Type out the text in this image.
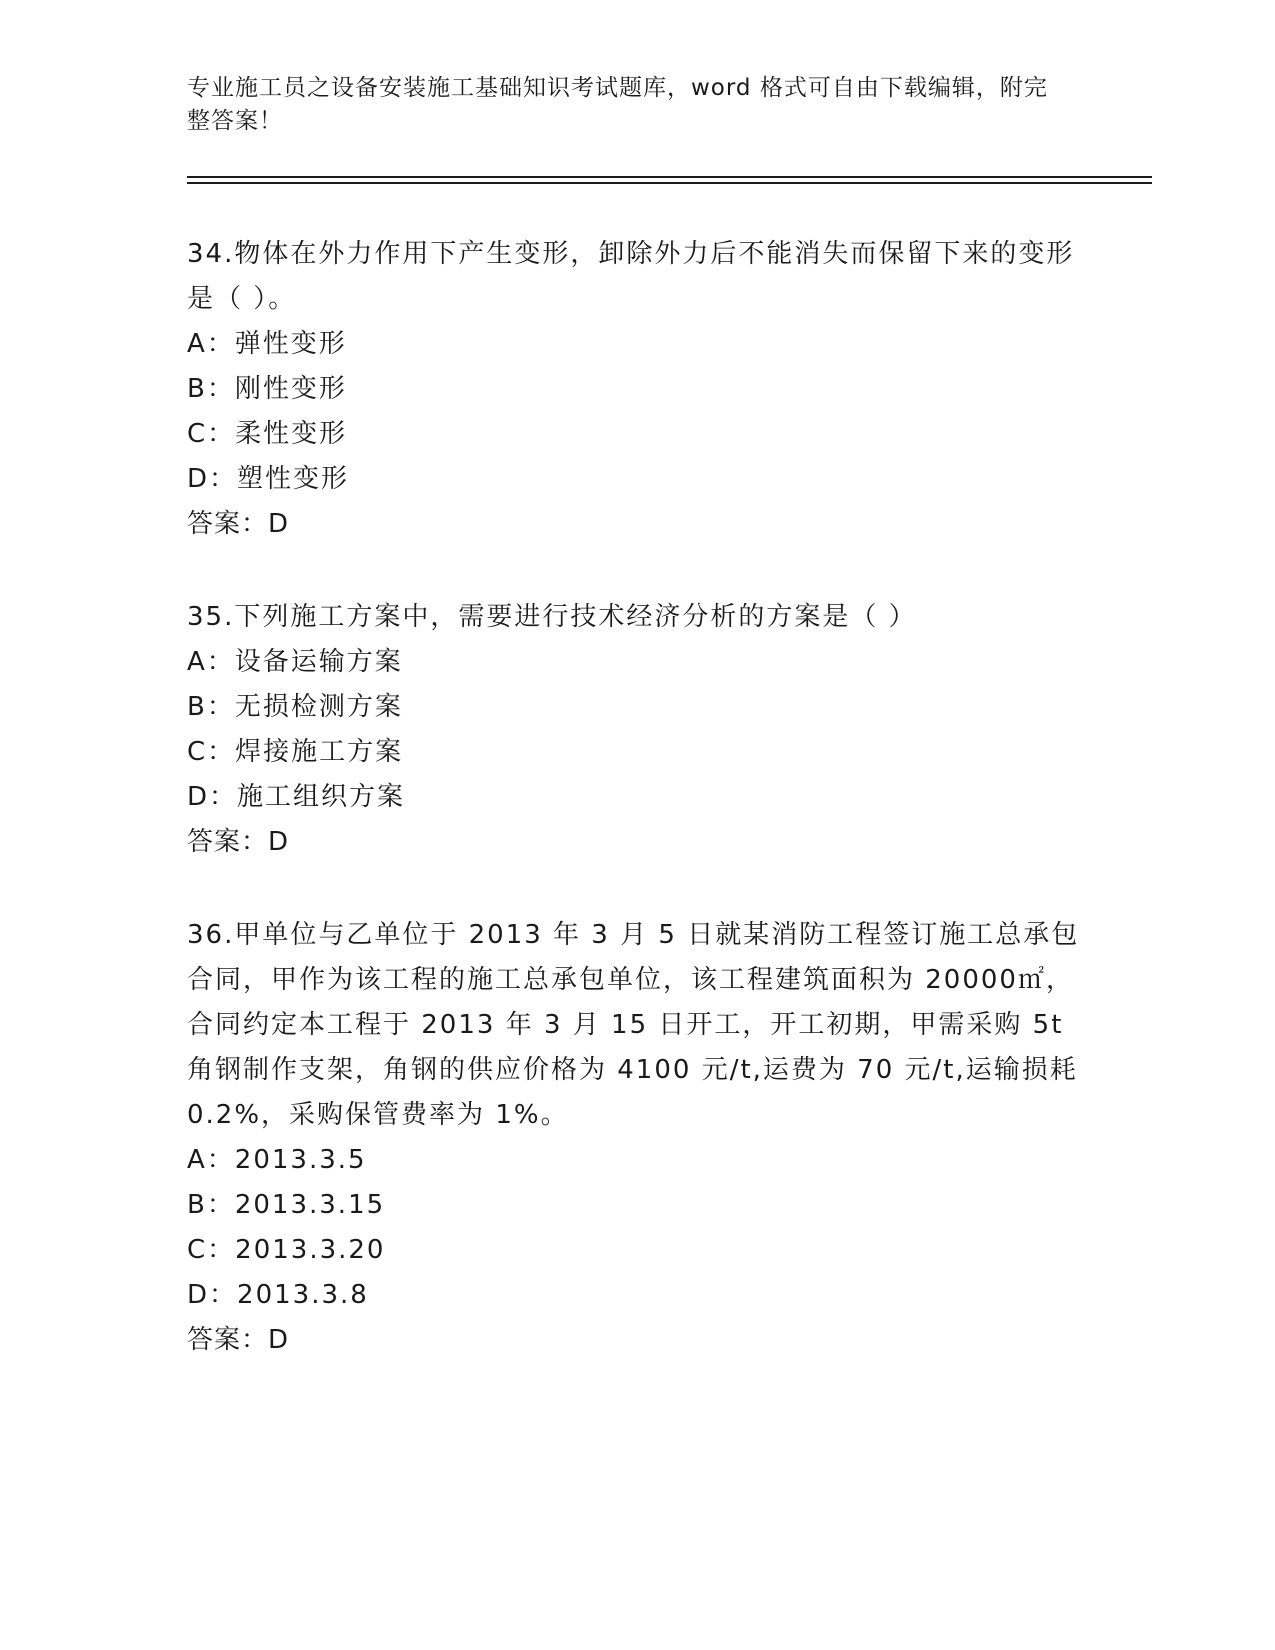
专业施工员之设备安装施工基础知识考试题库，word 格式可自由下载编辑，附完整答案！

34.物体在外力作用下产生变形，卸除外力后不能消失而保留下来的变形是（ ）。

A：弹性变形

B：刚性变形

C：柔性变形

D：塑性变形

答案：D

35.下列施工方案中，需要进行技术经济分析的方案是（ ）

A：设备运输方案

B：无损检测方案

C：焊接施工方案

D：施工组织方案

答案：D

36.甲单位与乙单位于 2013 年 3 月 5 日就某消防工程签订施工总承包合同，甲作为该工程的施工总承包单位，该工程建筑面积为 20000㎡，合同约定本工程于 2013 年 3 月 15 日开工，开工初期，甲需采购 5t 角钢制作支架，角钢的供应价格为 4100 元/t,运费为 70 元/t,运输损耗 0.2%，采购保管费率为 1%。

A：2013.3.5

B：2013.3.15

C：2013.3.20

D：2013.3.8

答案：D
